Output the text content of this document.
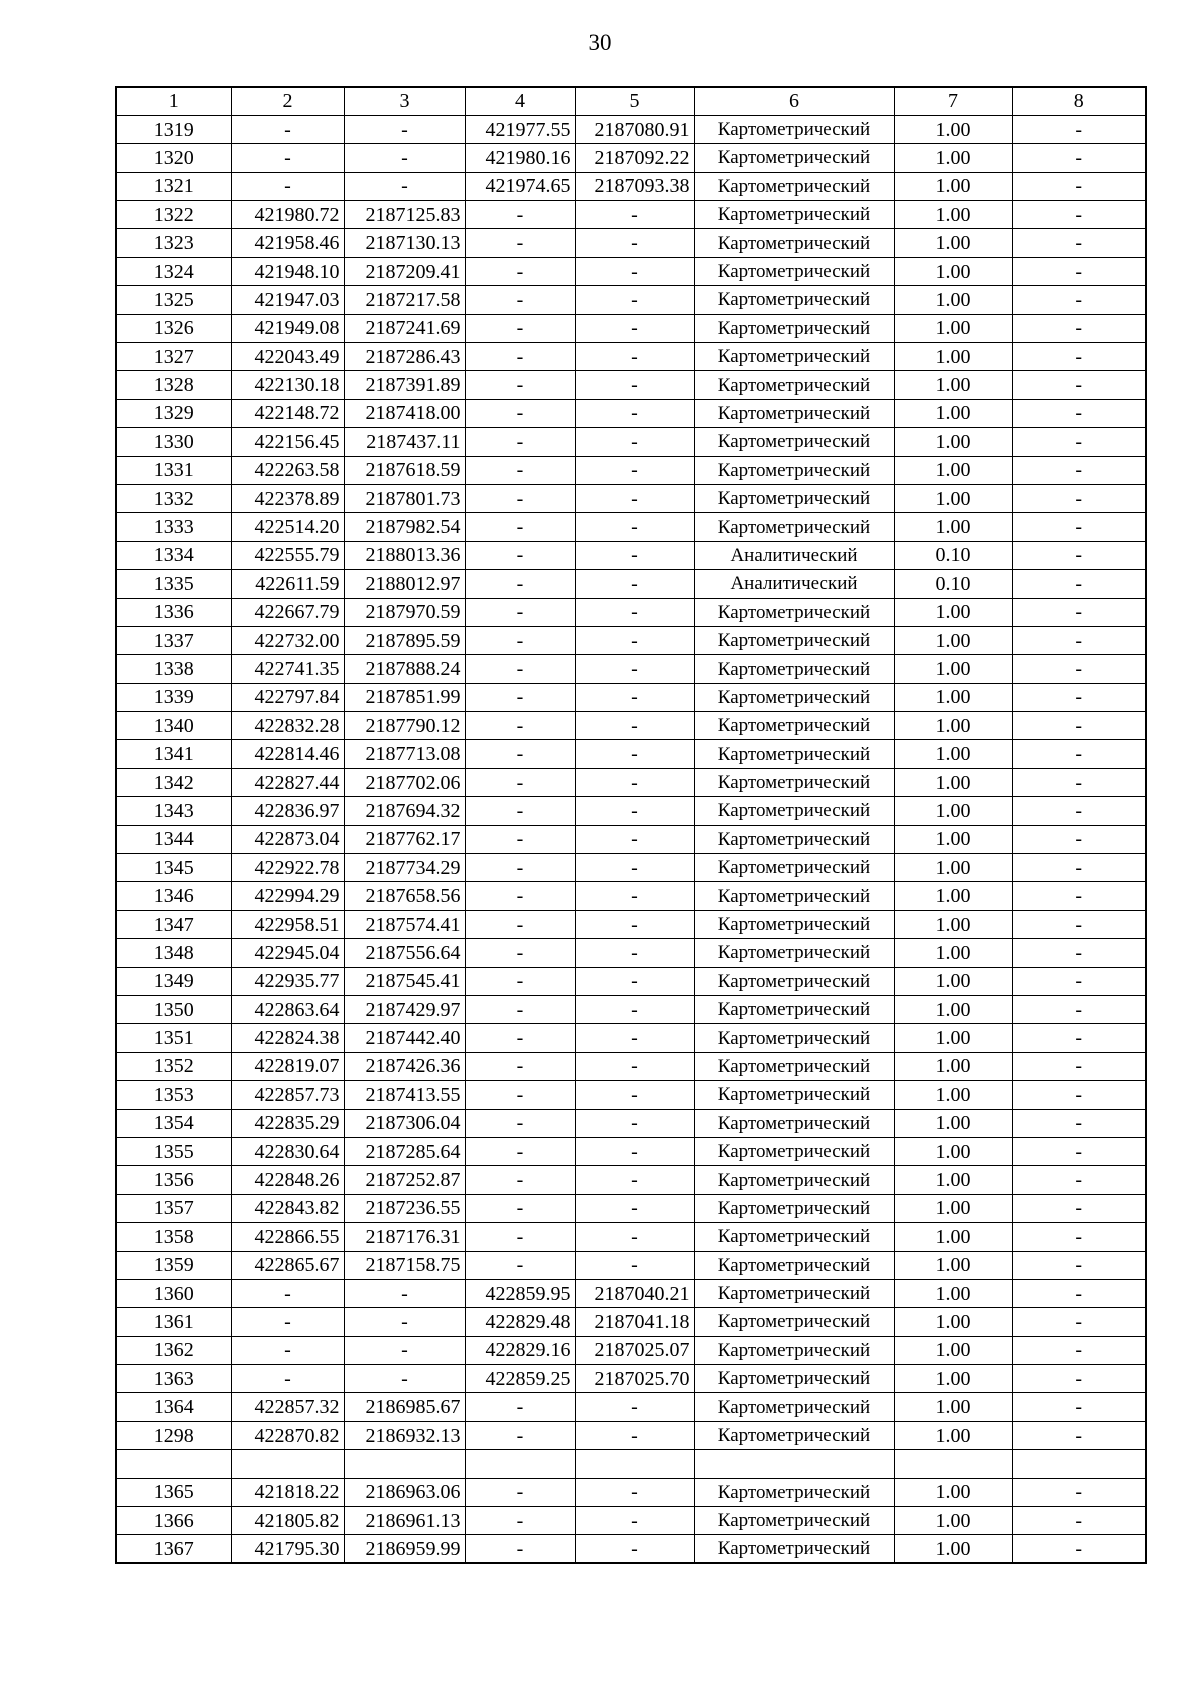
30
1	2	3	4	5	6	7	8
1319	-	-	421977.55	2187080.91	Картометрический	1.00	-
1320	-	-	421980.16	2187092.22	Картометрический	1.00	-
1321	-	-	421974.65	2187093.38	Картометрический	1.00	-
1322	421980.72	2187125.83	-	-	Картометрический	1.00	-
1323	421958.46	2187130.13	-	-	Картометрический	1.00	-
1324	421948.10	2187209.41	-	-	Картометрический	1.00	-
1325	421947.03	2187217.58	-	-	Картометрический	1.00	-
1326	421949.08	2187241.69	-	-	Картометрический	1.00	-
1327	422043.49	2187286.43	-	-	Картометрический	1.00	-
1328	422130.18	2187391.89	-	-	Картометрический	1.00	-
1329	422148.72	2187418.00	-	-	Картометрический	1.00	-
1330	422156.45	2187437.11	-	-	Картометрический	1.00	-
1331	422263.58	2187618.59	-	-	Картометрический	1.00	-
1332	422378.89	2187801.73	-	-	Картометрический	1.00	-
1333	422514.20	2187982.54	-	-	Картометрический	1.00	-
1334	422555.79	2188013.36	-	-	Аналитический	0.10	-
1335	422611.59	2188012.97	-	-	Аналитический	0.10	-
1336	422667.79	2187970.59	-	-	Картометрический	1.00	-
1337	422732.00	2187895.59	-	-	Картометрический	1.00	-
1338	422741.35	2187888.24	-	-	Картометрический	1.00	-
1339	422797.84	2187851.99	-	-	Картометрический	1.00	-
1340	422832.28	2187790.12	-	-	Картометрический	1.00	-
1341	422814.46	2187713.08	-	-	Картометрический	1.00	-
1342	422827.44	2187702.06	-	-	Картометрический	1.00	-
1343	422836.97	2187694.32	-	-	Картометрический	1.00	-
1344	422873.04	2187762.17	-	-	Картометрический	1.00	-
1345	422922.78	2187734.29	-	-	Картометрический	1.00	-
1346	422994.29	2187658.56	-	-	Картометрический	1.00	-
1347	422958.51	2187574.41	-	-	Картометрический	1.00	-
1348	422945.04	2187556.64	-	-	Картометрический	1.00	-
1349	422935.77	2187545.41	-	-	Картометрический	1.00	-
1350	422863.64	2187429.97	-	-	Картометрический	1.00	-
1351	422824.38	2187442.40	-	-	Картометрический	1.00	-
1352	422819.07	2187426.36	-	-	Картометрический	1.00	-
1353	422857.73	2187413.55	-	-	Картометрический	1.00	-
1354	422835.29	2187306.04	-	-	Картометрический	1.00	-
1355	422830.64	2187285.64	-	-	Картометрический	1.00	-
1356	422848.26	2187252.87	-	-	Картометрический	1.00	-
1357	422843.82	2187236.55	-	-	Картометрический	1.00	-
1358	422866.55	2187176.31	-	-	Картометрический	1.00	-
1359	422865.67	2187158.75	-	-	Картометрический	1.00	-
1360	-	-	422859.95	2187040.21	Картометрический	1.00	-
1361	-	-	422829.48	2187041.18	Картометрический	1.00	-
1362	-	-	422829.16	2187025.07	Картометрический	1.00	-
1363	-	-	422859.25	2187025.70	Картометрический	1.00	-
1364	422857.32	2186985.67	-	-	Картометрический	1.00	-
1298	422870.82	2186932.13	-	-	Картометрический	1.00	-

1365	421818.22	2186963.06	-	-	Картометрический	1.00	-
1366	421805.82	2186961.13	-	-	Картометрический	1.00	-
1367	421795.30	2186959.99	-	-	Картометрический	1.00	-
